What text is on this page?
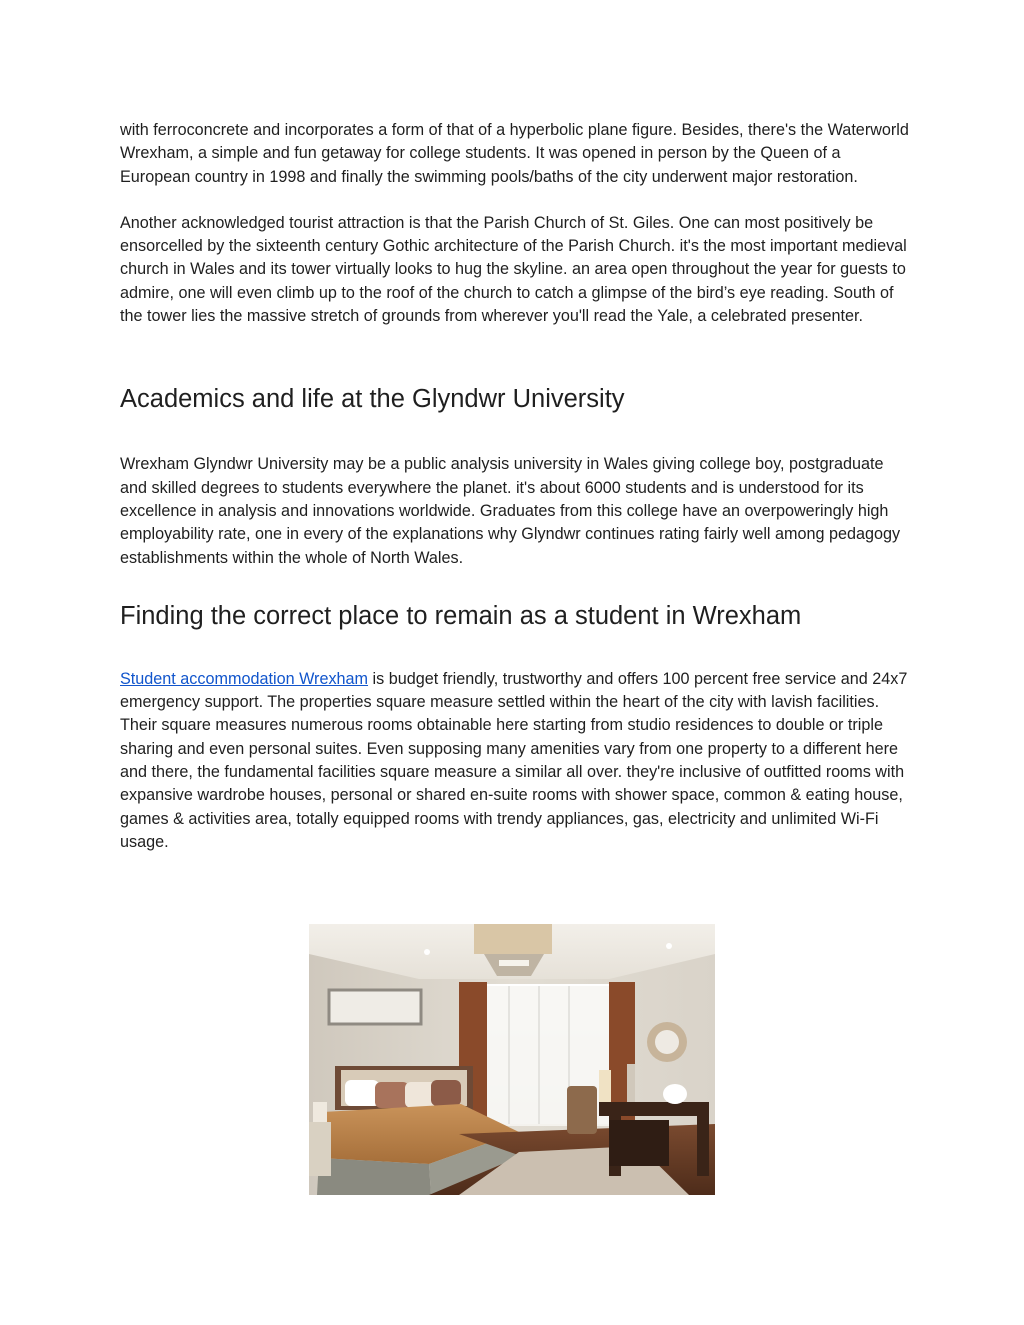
with ferroconcrete and incorporates a form of that of a hyperbolic plane figure. Besides, there's the Waterworld Wrexham, a simple and fun getaway for college students. It was opened in person by the Queen of a European country in 1998 and finally the swimming pools/baths of the city underwent major restoration.

Another acknowledged tourist attraction is that the Parish Church of St. Giles. One can most positively be ensorcelled by the sixteenth century Gothic architecture of the Parish Church. it's the most important medieval church in Wales and its tower virtually looks to hug the skyline. an area open throughout the year for guests to admire, one will even climb up to the roof of the church to catch a glimpse of the bird’s eye reading. South of the tower lies the massive stretch of grounds from wherever you'll read the Yale, a celebrated presenter.

Academics and life at the Glyndwr University

Wrexham Glyndwr University may be a public analysis university in Wales giving college boy, postgraduate and skilled degrees to students everywhere the planet. it's about 6000 students and is understood for its excellence in analysis and innovations worldwide. Graduates from this college have an overpoweringly high employability rate, one in every of the explanations why Glyndwr continues rating fairly well among pedagogy establishments within the whole of North Wales.

Finding the correct place to remain as a student in Wrexham

Student accommodation Wrexham is budget friendly, trustworthy and offers 100 percent free service and 24x7 emergency support. The properties square measure settled within the heart of the city with lavish facilities. Their square measures numerous rooms obtainable here starting from studio residences to double or triple sharing and even personal suites. Even supposing many amenities vary from one property to a different here and there, the fundamental facilities square measure a similar all over. they're inclusive of outfitted rooms with expansive wardrobe houses, personal or shared en-suite rooms with shower space, common & eating house, games & activities area, totally equipped rooms with trendy appliances, gas, electricity and unlimited Wi-Fi usage.
